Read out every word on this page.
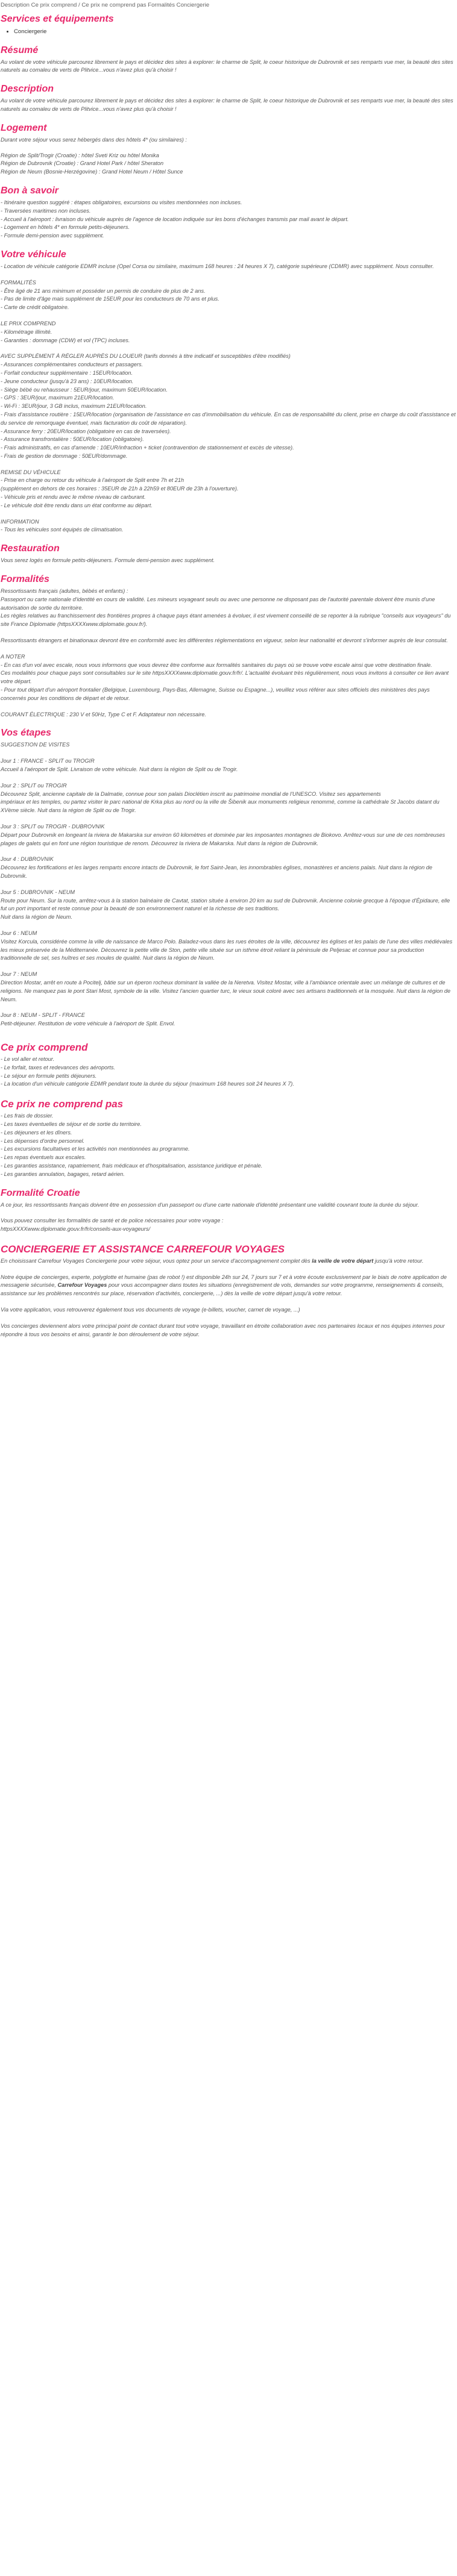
Description Ce prix comprend / Ce prix ne comprend pas Formalités Conciergerie
Services et équipements
• Conciergerie
Résumé

Au volant de votre véhicule parcourez librement le pays et décidez des sites à explorer: le charme de Split, le coeur historique de Dubrovnik et ses remparts vue mer, la beauté des sites naturels au comaleu de verts de Plitvice...vous n'avez plus qu'à choisir !

Description

Au volant de votre véhicule parcourez librement le pays et décidez des sites à explorer: le charme de Split, le coeur historique de Dubrovnik et ses remparts vue mer, la beauté des sites naturels au comaleu de verts de Plitvice...vous n'avez plus qu'à choisir !

Logement

Durant votre séjour vous serez hébergés dans des hôtels 4* (ou similaires) :

Région de Split/Trogir (Croatie) : hôtel Sveti Kriz ou hôtel Monika

Région de Dubrovnik (Croatie) : Grand Hotel Park / hôtel Sheraton

Région de Neum (Bosnie-Herzégovine) : Grand Hotel Neum / Hôtel Sunce

Bon à savoir

- Itinéraire question suggéré : étapes obligatoires, excursions ou visites mentionnées non incluses.

- Traversées maritimes non incluses.

- Accueil à l'aéroport : livraison du véhicule auprès de l'agence de location indiquée sur les bons d'échanges transmis par mail avant le départ.

- Logement en hôtels 4* en formule petits-déjeuners.

- Formule demi-pension avec supplément.

Votre véhicule

- Location de véhicule catégorie EDMR incluse (Opel Corsa ou similaire, maximum 168 heures : 24 heures X 7), catégorie supérieure (CDMR) avec supplément. Nous consulter.

FORMALITÉS

- Être âgé de 21 ans minimum et posséder un permis de conduire de plus de 2 ans.

- Pas de limite d'âge mais supplément de 15EUR pour les conducteurs de 70 ans et plus.

- Carte de crédit obligatoire.

LE PRIX COMPREND

- Kilométrage illimité.

- Garanties : dommage (CDW) et vol (TPC) incluses.

AVEC SUPPLÉMENT À RÉGLER AUPRÈS DU LOUEUR (tarifs donnés à titre indicatif et susceptibles d'être modifiés)

- Assurances complémentaires conducteurs et passagers.

- Forfait conducteur supplémentaire : 15EUR/location.

- Jeune conducteur (jusqu'à 23 ans) : 10EUR/location.

- Siège bébé ou rehausseur : 5EUR/jour, maximum 50EUR/location.

- GPS : 3EUR/jour, maximum 21EUR/location.

- Wi-Fi : 3EUR/jour, 3 GB inclus, maximum 21EUR/location.

- Frais d'assistance routière : 15EUR/location (organisation de l'assistance en cas d'immobilisation du véhicule. En cas de responsabilité du client, prise en charge du coût d'assistance et du service de remorquage éventuel, mais facturation du coût de réparation).

- Assurance ferry : 20EUR/location (obligatoire en cas de traversées).

- Assurance transfrontalière : 50EUR/location (obligatoire).

- Frais administratifs, en cas d'amende : 10EUR/infraction + ticket (contravention de stationnement et excès de vitesse).

- Frais de gestion de dommage : 50EUR/dommage.

REMISE DU VÉHICULE

- Prise en charge ou retour du véhicule à l'aéroport de Split entre 7h et 21h

(supplément en dehors de ces horaires : 35EUR de 21h à 22h59 et 80EUR de 23h à l'ouverture).

- Véhicule pris et rendu avec le même niveau de carburant.

- Le véhicule doit être rendu dans un état conforme au départ.

INFORMATION

- Tous les véhicules sont équipés de climatisation.

Restauration

Vous serez logés en formule petits-déjeuners. Formule demi-pension avec supplément.

Formalités

Ressortissants français (adultes, bébés et enfants) :

Passeport ou carte nationale d'identité en cours de validité. Les mineurs voyageant seuls ou avec une personne ne disposant pas de l'autorité parentale doivent être munis d'une autorisation de sortie du territoire.

Les règles relatives au franchissement des frontières propres à chaque pays étant amenées à évoluer, il est vivement conseillé de se reporter à la rubrique "conseils aux voyageurs" du site France Diplomatie (httpsXXXXwww.diplomatie.gouv.fr/).

Ressortissants étrangers et binationaux devront être en conformité avec les différentes réglementations en vigueur, selon leur nationalité et devront s'informer auprès de leur consulat.

A NOTER

- En cas d'un vol avec escale, nous vous informons que vous devrez être conforme aux formalités sanitaires du pays où se trouve votre escale ainsi que votre destination finale.

Ces modalités pour chaque pays sont consultables sur le site httpsXXXXwww.diplomatie.gouv.fr/fr/. L'actualité évoluant très régulièrement, nous vous invitons à consulter ce lien avant votre départ.

- Pour tout départ d'un aéroport frontalier (Belgique, Luxembourg, Pays-Bas, Allemagne, Suisse ou Espagne...), veuillez vous référer aux sites officiels des ministères des pays concernés pour les conditions de départ et de retour.

COURANT ÉLECTRIQUE : 230 V et 50Hz, Type C et F. Adaptateur non nécessaire.

Vos étapes

SUGGESTION DE VISITES

Jour 1 : FRANCE - SPLIT ou TROGIR

Accueil à l'aéroport de Split. Livraison de votre véhicule. Nuit dans la région de Split ou de Trogir.

Jour 2 : SPLIT ou TROGIR

Découvrez Split, ancienne capitale de la Dalmatie, connue pour son palais Dioclétien inscrit au patrimoine mondial de l'UNESCO. Visitez ses appartements

impériaux et les temples, ou partez visiter le parc national de Krka plus au nord ou la ville de Šibenik aux monuments religieux renommé, comme la cathédrale St Jacobs datant du XVème siècle. Nuit dans la région de Split ou de Trogir.

Jour 3 : SPLIT ou TROGIR - DUBROVNIK

Départ pour Dubrovnik en longeant la riviera de Makarska sur environ 60 kilomètres et dominée par les imposantes montagnes de Biokovo. Arrêtez-vous sur une de ces nombreuses plages de galets qui en font une région touristique de renom. Découvrez la riviera de Makarska. Nuit dans la région de Dubrovnik.

Jour 4 : DUBROVNIK

Découvrez les fortifications et les larges remparts encore intacts de Dubrovnik, le fort Saint-Jean, les innombrables églises, monastères et anciens palais. Nuit dans la région de Dubrovnik.

Jour 5 : DUBROVNIK - NEUM

Route pour Neum. Sur la route, arrêtez-vous à la station balnéaire de Cavtat, station située à environ 20 km au sud de Dubrovnik. Ancienne colonie grecque à l'époque d'Épidaure, elle fut un port important et reste connue pour la beauté de son environnement naturel et la richesse de ses traditions.

Nuit dans la région de Neum.

Jour 6 : NEUM

Visitez Korcula, considérée comme la ville de naissance de Marco Polo. Baladez-vous dans les rues étroites de la ville, découvrez les églises et les palais de l'une des villes médiévales les mieux préservée de la Méditerranée. Découvrez la petite ville de Ston, petite ville située sur un isthme étroit reliant la péninsule de Peljesac et connue pour sa production traditionnelle de sel, ses huîtres et ses moules de qualité. Nuit dans la région de Neum.

Jour 7 : NEUM

Direction Mostar, arrêt en route à Pocitelj, bâtie sur un éperon rocheux dominant la vallée de la Neretva. Visitez Mostar, ville à l'ambiance orientale avec un mélange de cultures et de religions. Ne manquez pas le pont Stari Most, symbole de la ville. Visitez l'ancien quartier turc, le vieux souk coloré avec ses artisans traditionnels et la mosquée. Nuit dans la région de Neum.

Jour 8 : NEUM - SPLIT - FRANCE

Petit-déjeuner. Restitution de votre véhicule à l'aéroport de Split. Envol.

Ce prix comprend

- Le vol aller et retour.

- Le forfait, taxes et redevances des aéroports.

- Le séjour en formule petits déjeuners.

- La location d'un véhicule catégorie EDMR pendant toute la durée du séjour (maximum 168 heures soit 24 heures X 7).

Ce prix ne comprend pas

- Les frais de dossier.

- Les taxes éventuelles de séjour et de sortie du territoire.

- Les déjeuners et les dîners.

- Les dépenses d'ordre personnel.

- Les excursions facultatives et les activités non mentionnées au programme.

- Les repas éventuels aux escales.

- Les garanties assistance, rapatriement, frais médicaux et d'hospitalisation, assistance juridique et pénale.

- Les garanties annulation, bagages, retard aérien.

Formalité Croatie

A ce jour, les ressortissants français doivent être en possession d'un passeport ou d'une carte nationale d'identité présentant une validité couvrant toute la durée du séjour.

Vous pouvez consulter les formalités de santé et de police nécessaires pour votre voyage :

httpsXXXXwww.diplomatie.gouv.fr/fr/conseils-aux-voyageurs/

CONCIERGERIE ET ASSISTANCE CARREFOUR VOYAGES

En choisissant Carrefour Voyages Conciergerie pour votre séjour, vous optez pour un service d'accompagnement complet dès la veille de votre départ jusqu'à votre retour.

Notre équipe de concierges, experte, polyglotte et humaine (pas de robot !) est disponible 24h sur 24, 7 jours sur 7 et à votre écoute exclusivement par le biais de notre application de messagerie sécurisée, Carrefour Voyages pour vous accompagner dans toutes les situations (enregistrement de vols, demandes sur votre programme, renseignements & conseils, assistance sur les problèmes rencontrés sur place, réservation d'activités, conciergerie, ...) dès la veille de votre départ jusqu'à votre retour.

Via votre application, vous retrouverez également tous vos documents de voyage (e-billets, voucher, carnet de voyage, ...)

Vos concierges deviennent alors votre principal point de contact durant tout votre voyage, travaillant en étroite collaboration avec nos partenaires locaux et nos équipes internes pour répondre à tous vos besoins et ainsi, garantir le bon déroulement de votre séjour.
